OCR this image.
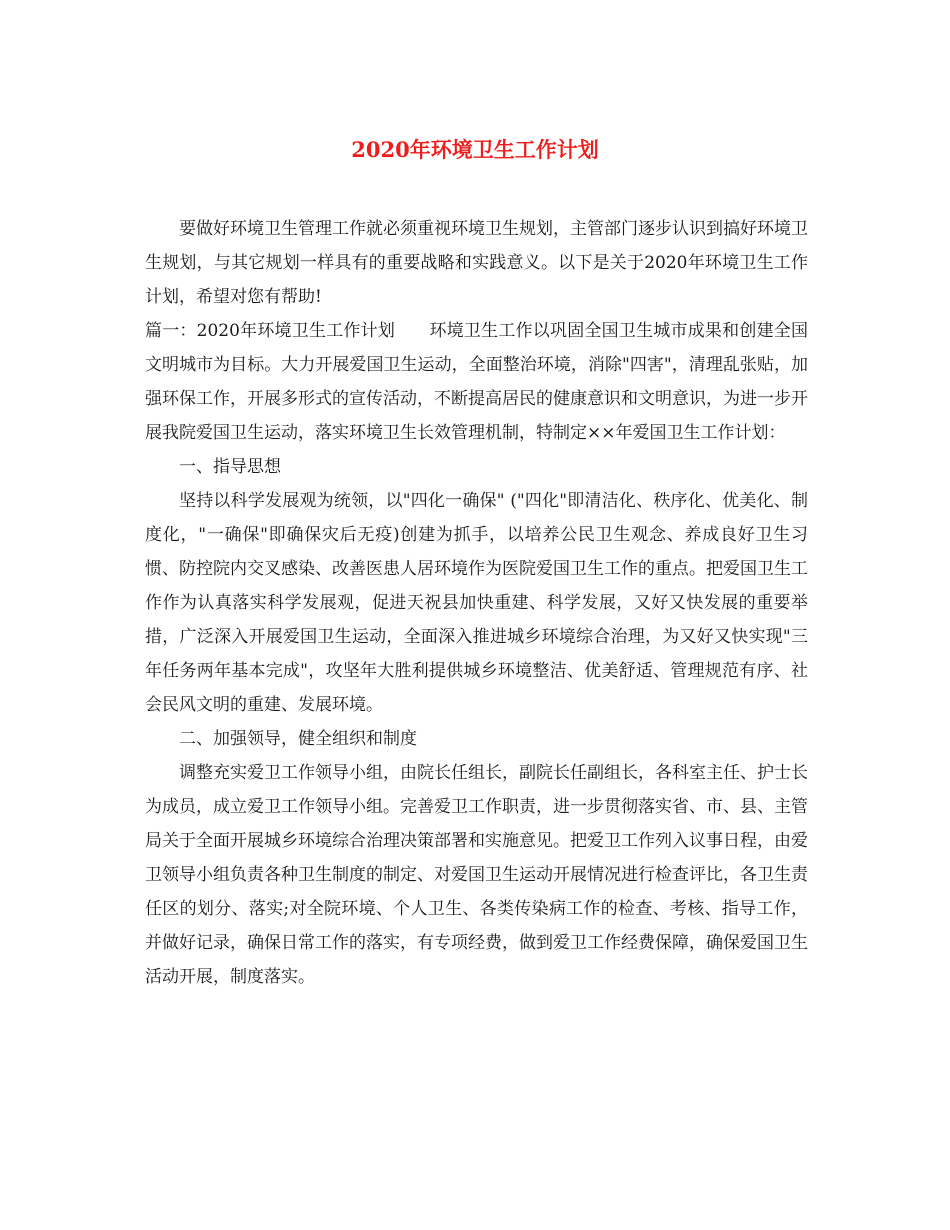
2020年环境卫生工作计划

要做好环境卫生管理工作就必须重视环境卫生规划，主管部门逐步认识到搞好环境卫生规划，与其它规划一样具有的重要战略和实践意义。以下是关于2020年环境卫生工作计划，希望对您有帮助!

篇一：2020年环境卫生工作计划　　环境卫生工作以巩固全国卫生城市成果和创建全国文明城市为目标。大力开展爱国卫生运动，全面整治环境，消除"四害"，清理乱张贴，加强环保工作，开展多形式的宣传活动，不断提高居民的健康意识和文明意识，为进一步开展我院爱国卫生运动，落实环境卫生长效管理机制，特制定××年爱国卫生工作计划：

一、指导思想

坚持以科学发展观为统领，以"四化一确保" ("四化"即清洁化、秩序化、优美化、制度化，"一确保"即确保灾后无疫)创建为抓手，以培养公民卫生观念、养成良好卫生习惯、防控院内交叉感染、改善医患人居环境作为医院爱国卫生工作的重点。把爱国卫生工作作为认真落实科学发展观，促进天祝县加快重建、科学发展，又好又快发展的重要举措，广泛深入开展爱国卫生运动，全面深入推进城乡环境综合治理，为又好又快实现"三年任务两年基本完成"，攻坚年大胜利提供城乡环境整洁、优美舒适、管理规范有序、社会民风文明的重建、发展环境。

二、加强领导，健全组织和制度

调整充实爱卫工作领导小组，由院长任组长，副院长任副组长，各科室主任、护士长为成员，成立爱卫工作领导小组。完善爱卫工作职责，进一步贯彻落实省、市、县、主管局关于全面开展城乡环境综合治理决策部署和实施意见。把爱卫工作列入议事日程，由爱卫领导小组负责各种卫生制度的制定、对爱国卫生运动开展情况进行检查评比，各卫生责任区的划分、落实;对全院环境、个人卫生、各类传染病工作的检查、考核、指导工作，并做好记录，确保日常工作的落实，有专项经费，做到爱卫工作经费保障，确保爱国卫生活动开展，制度落实。
